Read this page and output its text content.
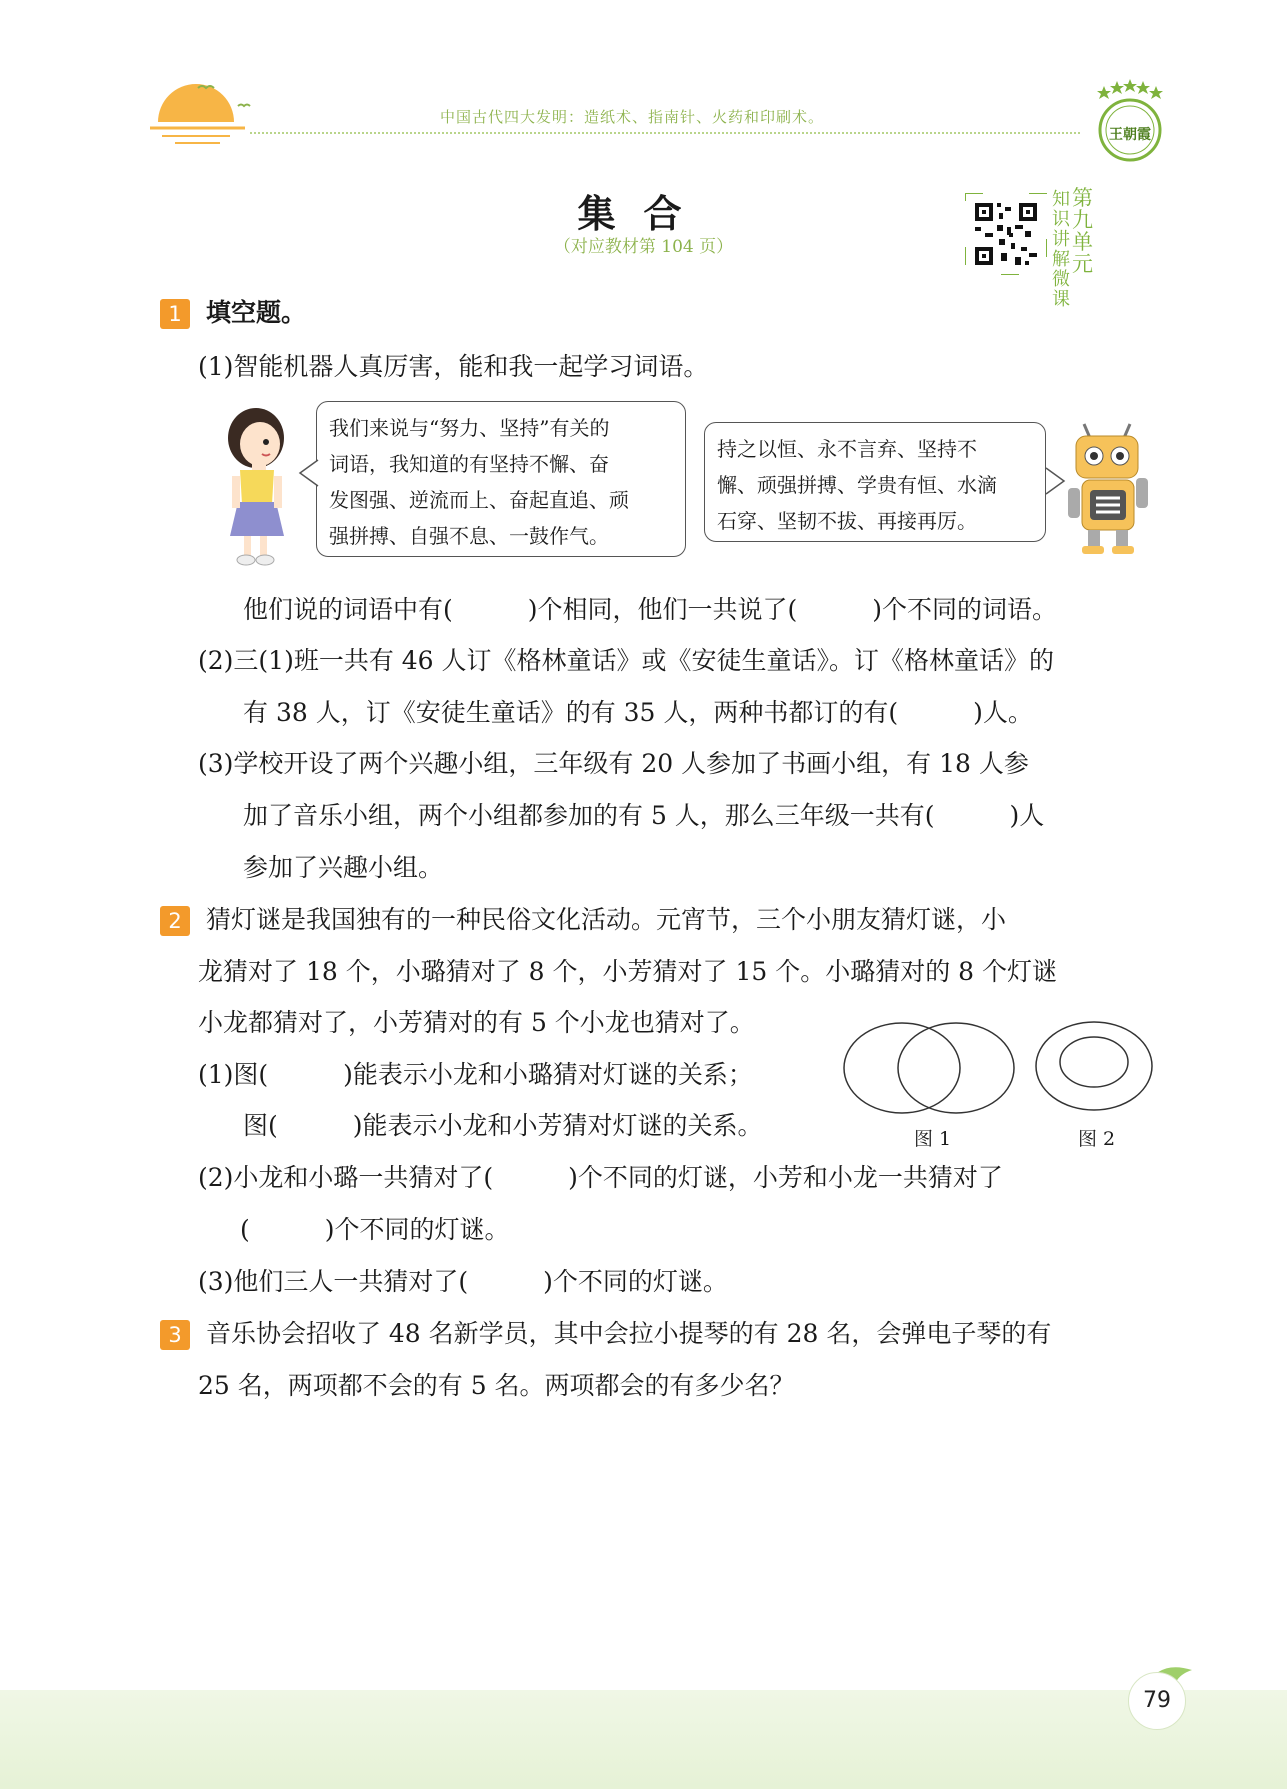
中国古代四大发明：造纸术、指南针、火药和印刷术。
王朝霞
集合
（对应教材第 104 页）
知识讲解微课
第九单元
1 填空题。
(1)智能机器人真厉害，能和我一起学习词语。
我们来说与“努力、坚持”有关的
词语，我知道的有坚持不懈、奋
发图强、逆流而上、奋起直追、顽
强拼搏、自强不息、一鼓作气。
持之以恒、永不言弃、坚持不
懈、顽强拼搏、学贵有恒、水滴
石穿、坚韧不拔、再接再厉。
他们说的词语中有(　　　)个相同，他们一共说了(　　　)个不同的词语。
(2)三(1)班一共有 46 人订《格林童话》或《安徒生童话》。订《格林童话》的
有 38 人，订《安徒生童话》的有 35 人，两种书都订的有(　　　)人。
(3)学校开设了两个兴趣小组，三年级有 20 人参加了书画小组，有 18 人参
加了音乐小组，两个小组都参加的有 5 人，那么三年级一共有(　　　)人
参加了兴趣小组。
2 猜灯谜是我国独有的一种民俗文化活动。元宵节，三个小朋友猜灯谜，小
龙猜对了 18 个，小璐猜对了 8 个，小芳猜对了 15 个。小璐猜对的 8 个灯谜
小龙都猜对了，小芳猜对的有 5 个小龙也猜对了。
(1)图(　　　)能表示小龙和小璐猜对灯谜的关系；
图(　　　)能表示小龙和小芳猜对灯谜的关系。	图 1	图 2
(2)小龙和小璐一共猜对了(　　　)个不同的灯谜，小芳和小龙一共猜对了
(　　　)个不同的灯谜。
(3)他们三人一共猜对了(　　　)个不同的灯谜。
3 音乐协会招收了 48 名新学员，其中会拉小提琴的有 28 名，会弹电子琴的有
25 名，两项都不会的有 5 名。两项都会的有多少名？
79
